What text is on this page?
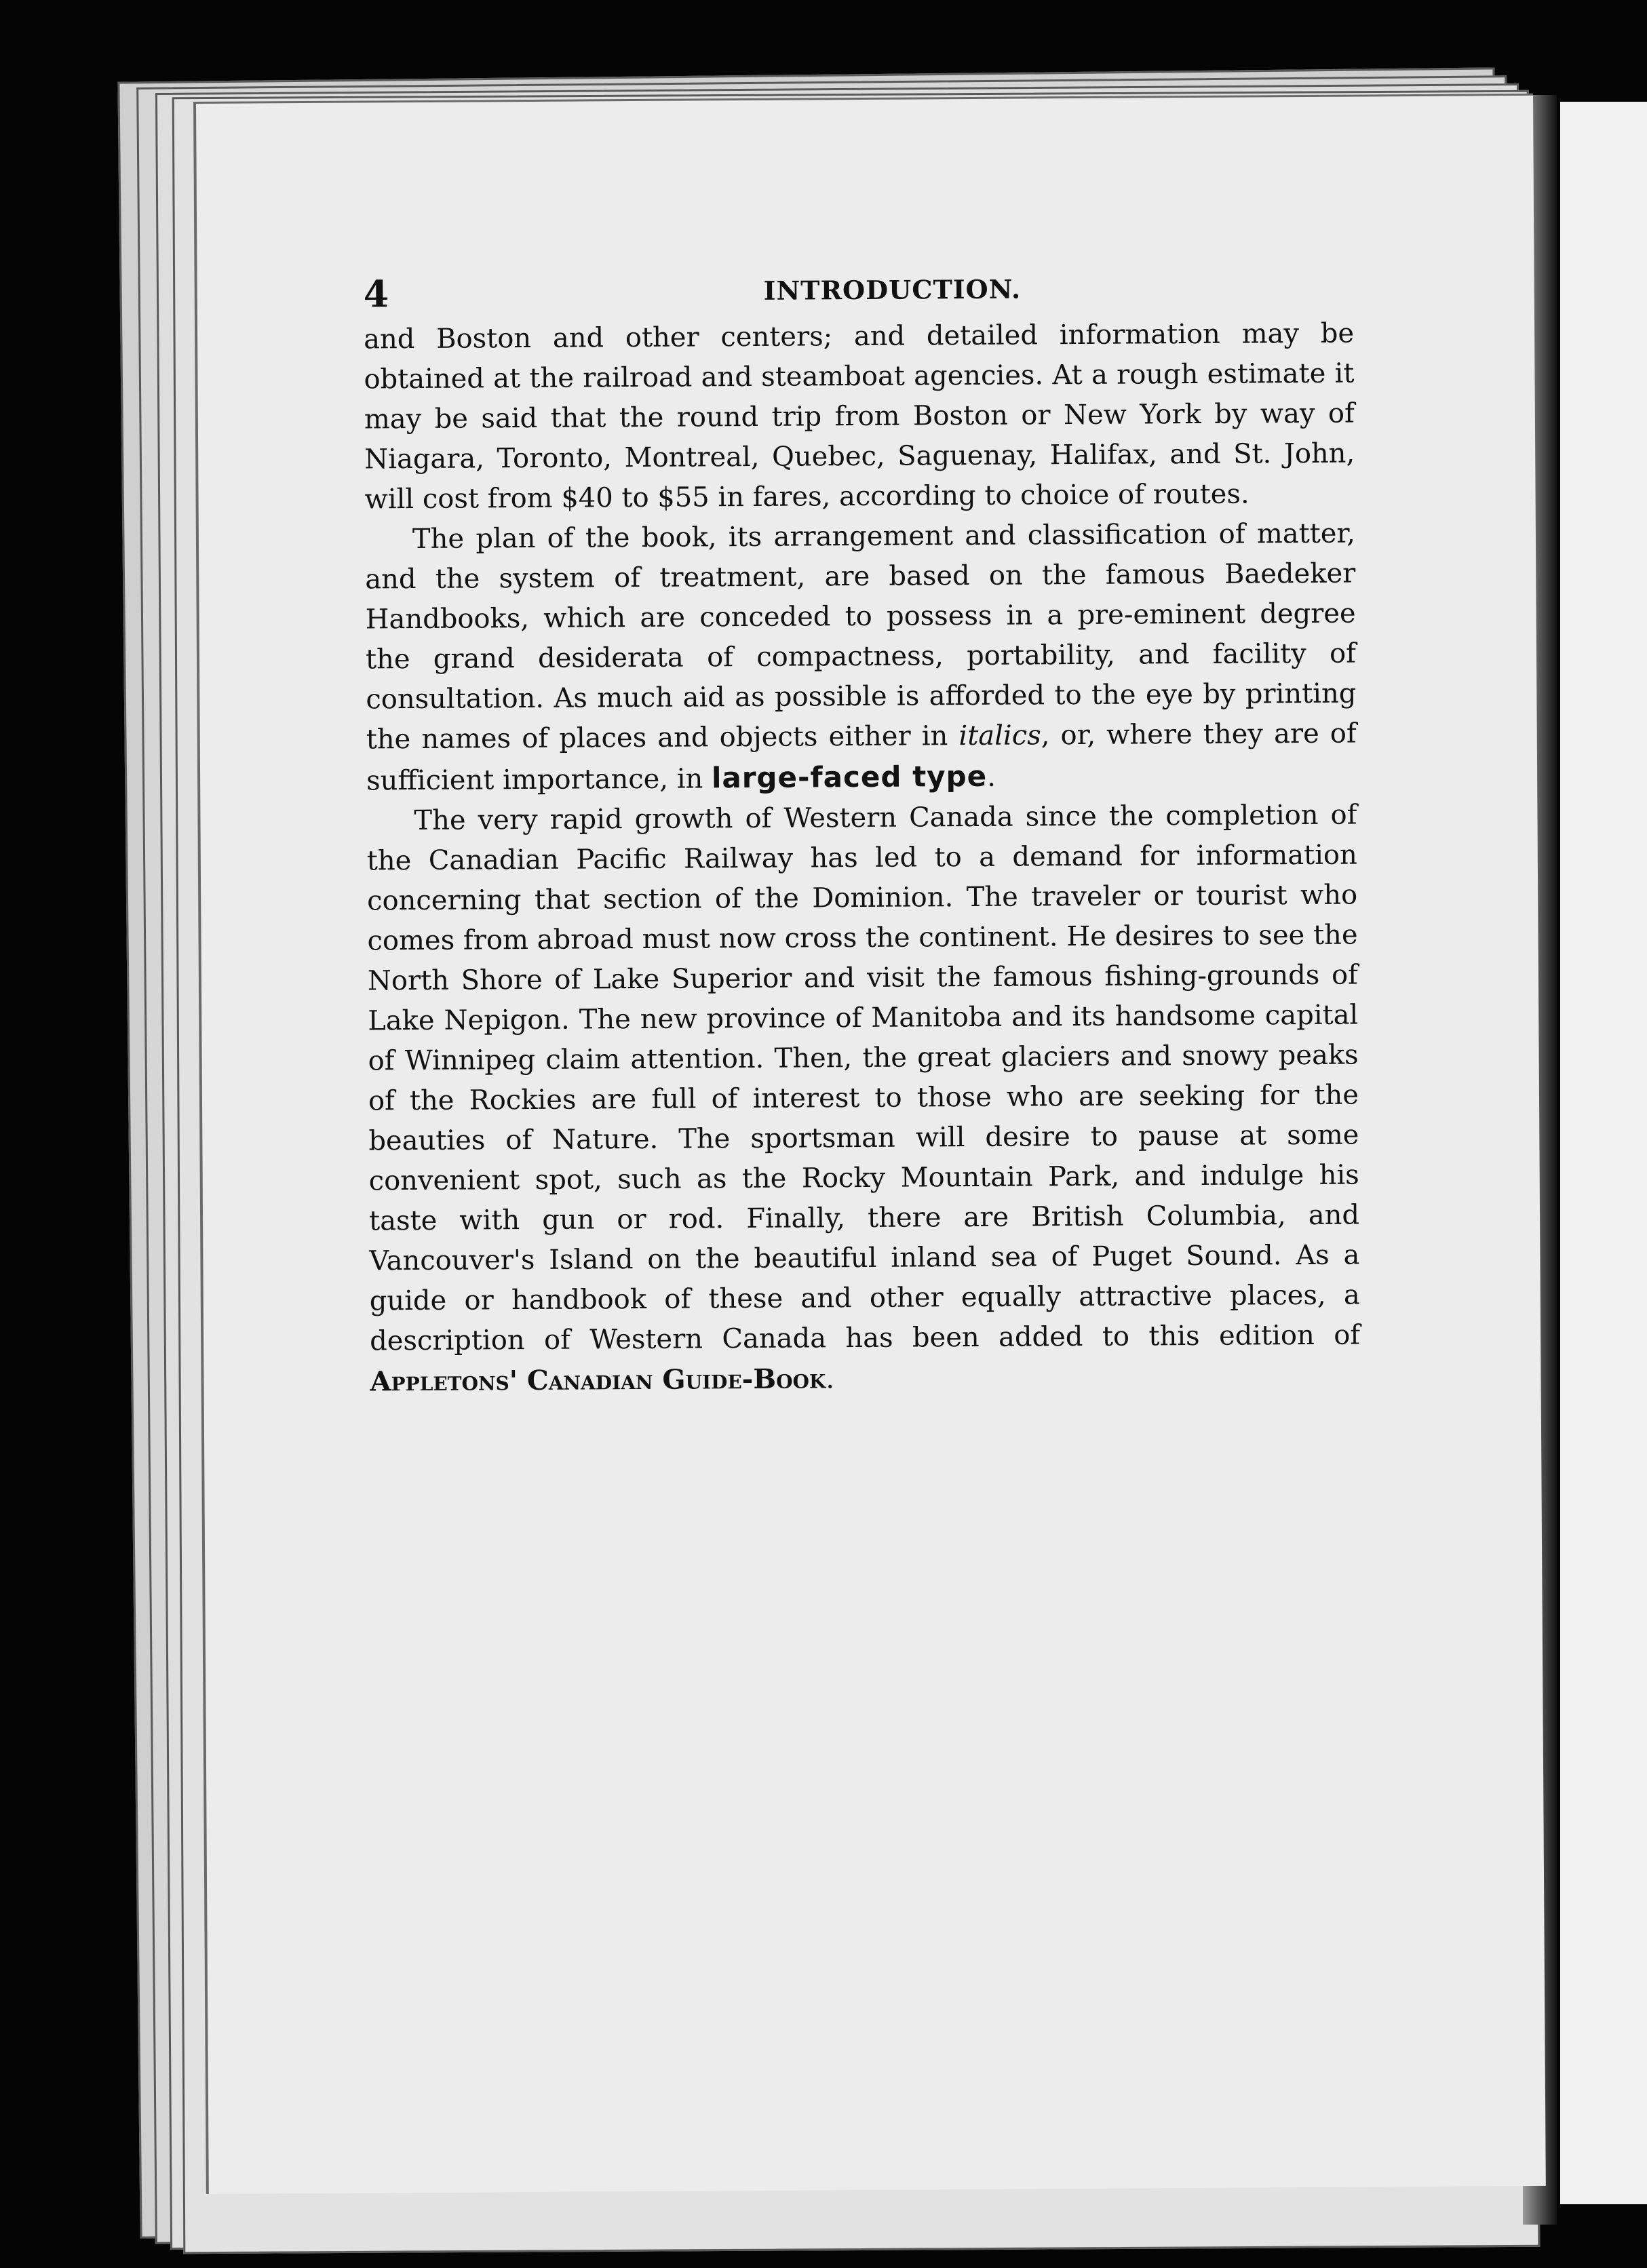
4	INTRODUCTION.

and Boston and other centers; and detailed information may be obtained at the railroad and steamboat agencies. At a rough estimate it may be said that the round trip from Boston or New York by way of Niagara, Toronto, Montreal, Quebec, Saguenay, Halifax, and St. John, will cost from $40 to $55 in fares, according to choice of routes.

The plan of the book, its arrangement and classification of matter, and the system of treatment, are based on the famous Baedeker Handbooks, which are conceded to possess in a pre-eminent degree the grand desiderata of compactness, portability, and facility of consultation. As much aid as possible is afforded to the eye by printing the names of places and objects either in italics, or, where they are of sufficient importance, in large-faced type.

The very rapid growth of Western Canada since the completion of the Canadian Pacific Railway has led to a demand for information concerning that section of the Dominion. The traveler or tourist who comes from abroad must now cross the continent. He desires to see the North Shore of Lake Superior and visit the famous fishing-grounds of Lake Nepigon. The new province of Manitoba and its handsome capital of Winnipeg claim attention. Then, the great glaciers and snowy peaks of the Rockies are full of interest to those who are seeking for the beauties of Nature. The sportsman will desire to pause at some convenient spot, such as the Rocky Mountain Park, and indulge his taste with gun or rod. Finally, there are British Columbia, and Vancouver's Island on the beautiful inland sea of Puget Sound. As a guide or handbook of these and other equally attractive places, a description of Western Canada has been added to this edition of Appletons' Canadian Guide-Book.
